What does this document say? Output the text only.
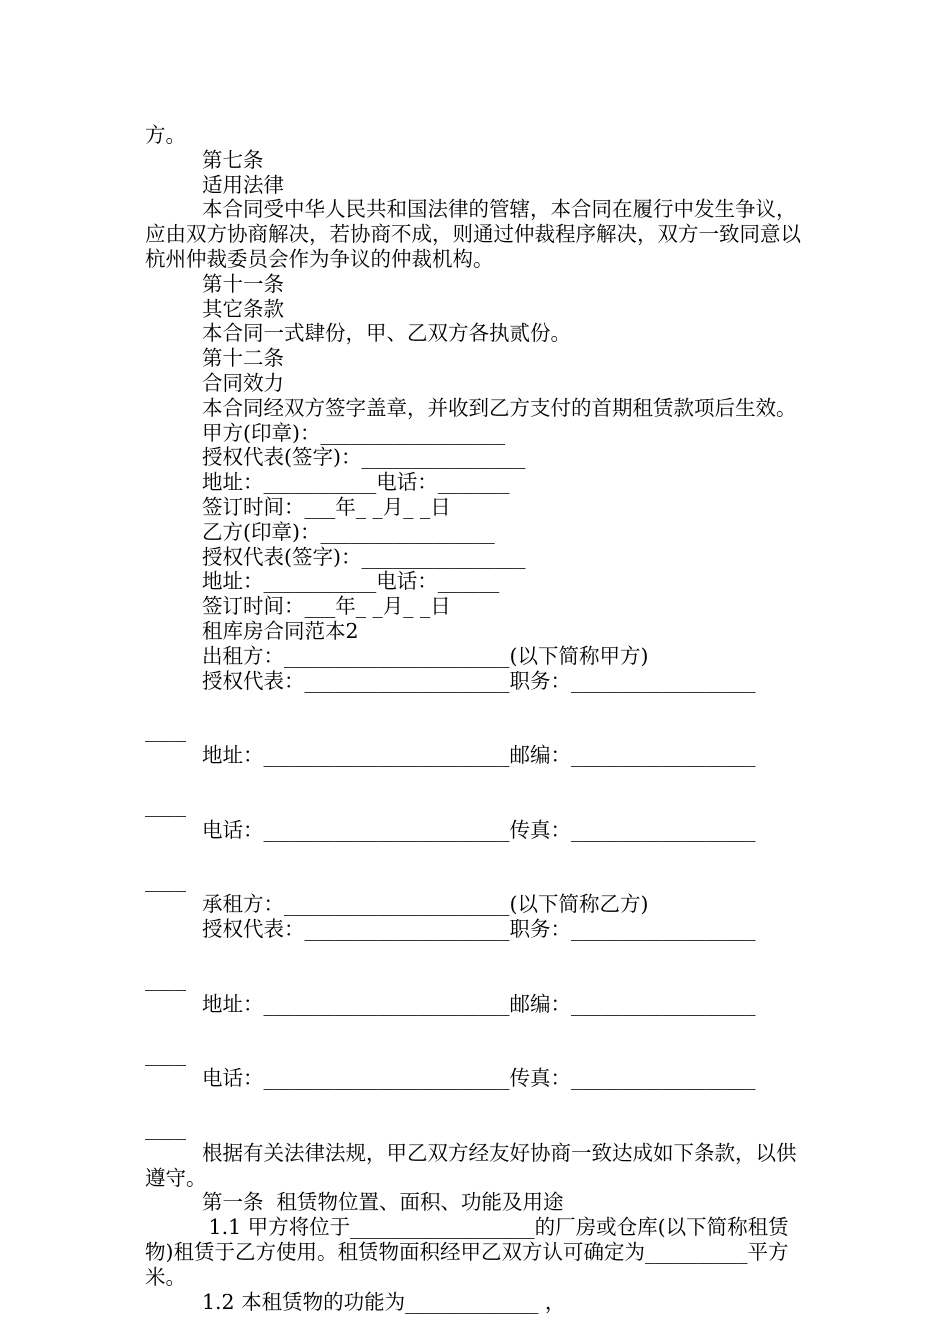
方。

第七条

适用法律

本合同受中华人民共和国法律的管辖，本合同在履行中发生争议，应由双方协商解决，若协商不成，则通过仲裁程序解决，双方一致同意以杭州仲裁委员会作为争议的仲裁机构。

第十一条

其它条款

本合同一式肆份，甲、乙双方各执贰份。

第十二条

合同效力

本合同经双方签字盖章，并收到乙方支付的首期租赁款项后生效。

甲方(印章)：__________________

授权代表(签字)：________________

地址：___________电话：_______

签订时间：___年_ _月_ _日

乙方(印章)：_________________

授权代表(签字)：________________

地址：___________电话：______

签订时间：___年_ _月_ _日

租库房合同范本2

出租方：______________________(以下简称甲方)

授权代表：____________________职务：__________________

____

地址：________________________邮编：__________________

____

电话：________________________传真：__________________

____

承租方：______________________(以下简称乙方)

授权代表：____________________职务：__________________

____

地址：________________________邮编：__________________

____

电话：________________________传真：__________________

____

根据有关法律法规，甲乙双方经友好协商一致达成如下条款，以供遵守。

第一条  租赁物位置、面积、功能及用途

1.1 甲方将位于__________________的厂房或仓库(以下简称租赁物)租赁于乙方使用。租赁物面积经甲乙双方认可确定为__________平方米。

1.2 本租赁物的功能为_____________ ，
